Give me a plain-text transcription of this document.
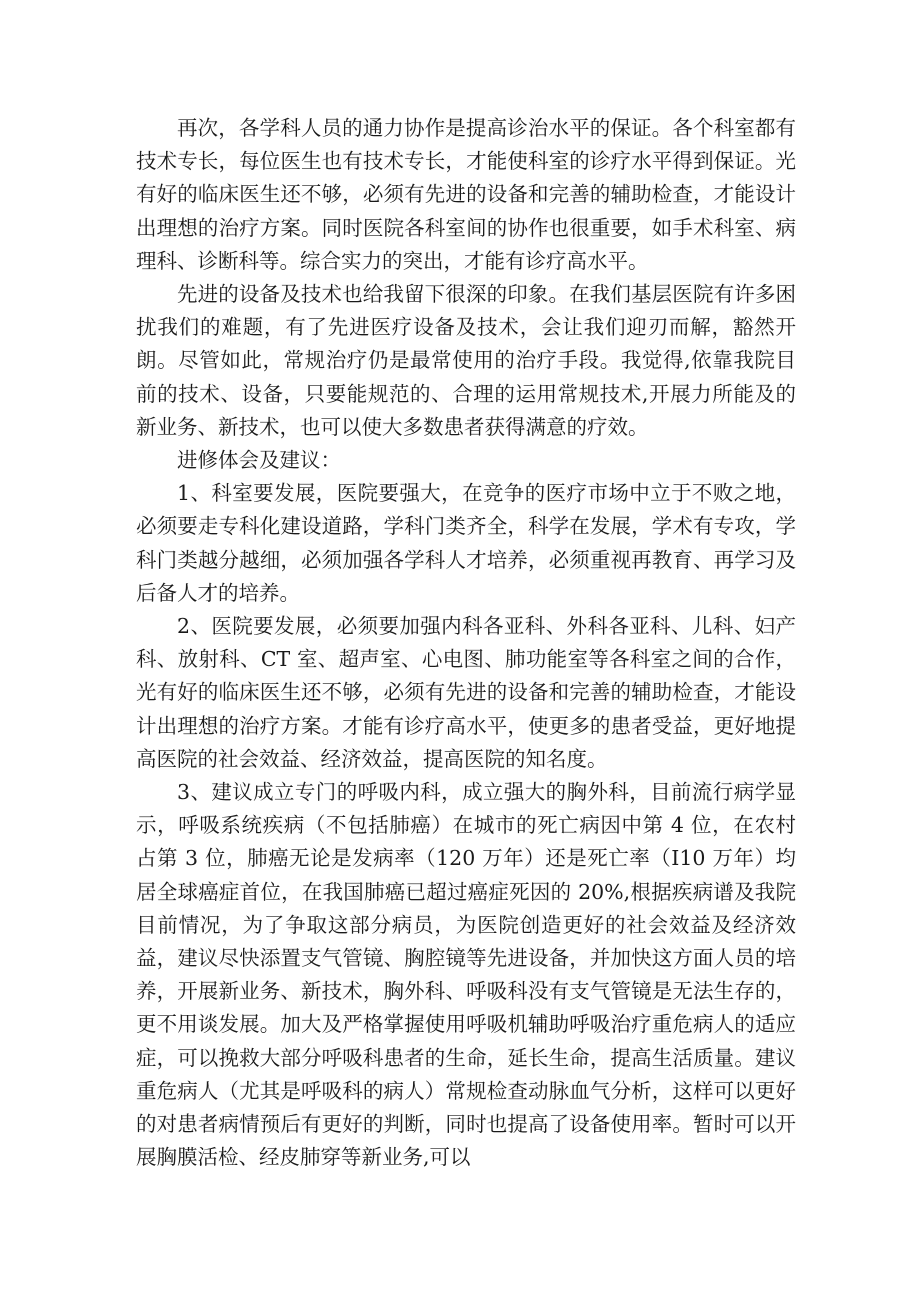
再次，各学科人员的通力协作是提高诊治水平的保证。各个科室都有技术专长，每位医生也有技术专长，才能使科室的诊疗水平得到保证。光有好的临床医生还不够，必须有先进的设备和完善的辅助检查，才能设计出理想的治疗方案。同时医院各科室间的协作也很重要，如手术科室、病理科、诊断科等。综合实力的突出，才能有诊疗高水平。

先进的设备及技术也给我留下很深的印象。在我们基层医院有许多困扰我们的难题，有了先进医疗设备及技术，会让我们迎刃而解，豁然开朗。尽管如此，常规治疗仍是最常使用的治疗手段。我觉得,依靠我院目前的技术、设备，只要能规范的、合理的运用常规技术,开展力所能及的新业务、新技术，也可以使大多数患者获得满意的疗效。

进修体会及建议：

1、科室要发展，医院要强大，在竞争的医疗市场中立于不败之地，必须要走专科化建设道路，学科门类齐全，科学在发展，学术有专攻，学科门类越分越细，必须加强各学科人才培养，必须重视再教育、再学习及后备人才的培养。

2、医院要发展，必须要加强内科各亚科、外科各亚科、儿科、妇产科、放射科、CT 室、超声室、心电图、肺功能室等各科室之间的合作，光有好的临床医生还不够，必须有先进的设备和完善的辅助检查，才能设计出理想的治疗方案。才能有诊疗高水平，使更多的患者受益，更好地提高医院的社会效益、经济效益，提高医院的知名度。

3、建议成立专门的呼吸内科，成立强大的胸外科，目前流行病学显示，呼吸系统疾病（不包括肺癌）在城市的死亡病因中第 4 位，在农村占第 3 位，肺癌无论是发病率（120 万年）还是死亡率（I10 万年）均居全球癌症首位，在我国肺癌已超过癌症死因的 20%,根据疾病谱及我院目前情况，为了争取这部分病员，为医院创造更好的社会效益及经济效益，建议尽快添置支气管镜、胸腔镜等先进设备，并加快这方面人员的培养，开展新业务、新技术，胸外科、呼吸科没有支气管镜是无法生存的，更不用谈发展。加大及严格掌握使用呼吸机辅助呼吸治疗重危病人的适应症，可以挽救大部分呼吸科患者的生命，延长生命，提高生活质量。建议重危病人（尤其是呼吸科的病人）常规检查动脉血气分析，这样可以更好的对患者病情预后有更好的判断，同时也提高了设备使用率。暂时可以开展胸膜活检、经皮肺穿等新业务,可以
